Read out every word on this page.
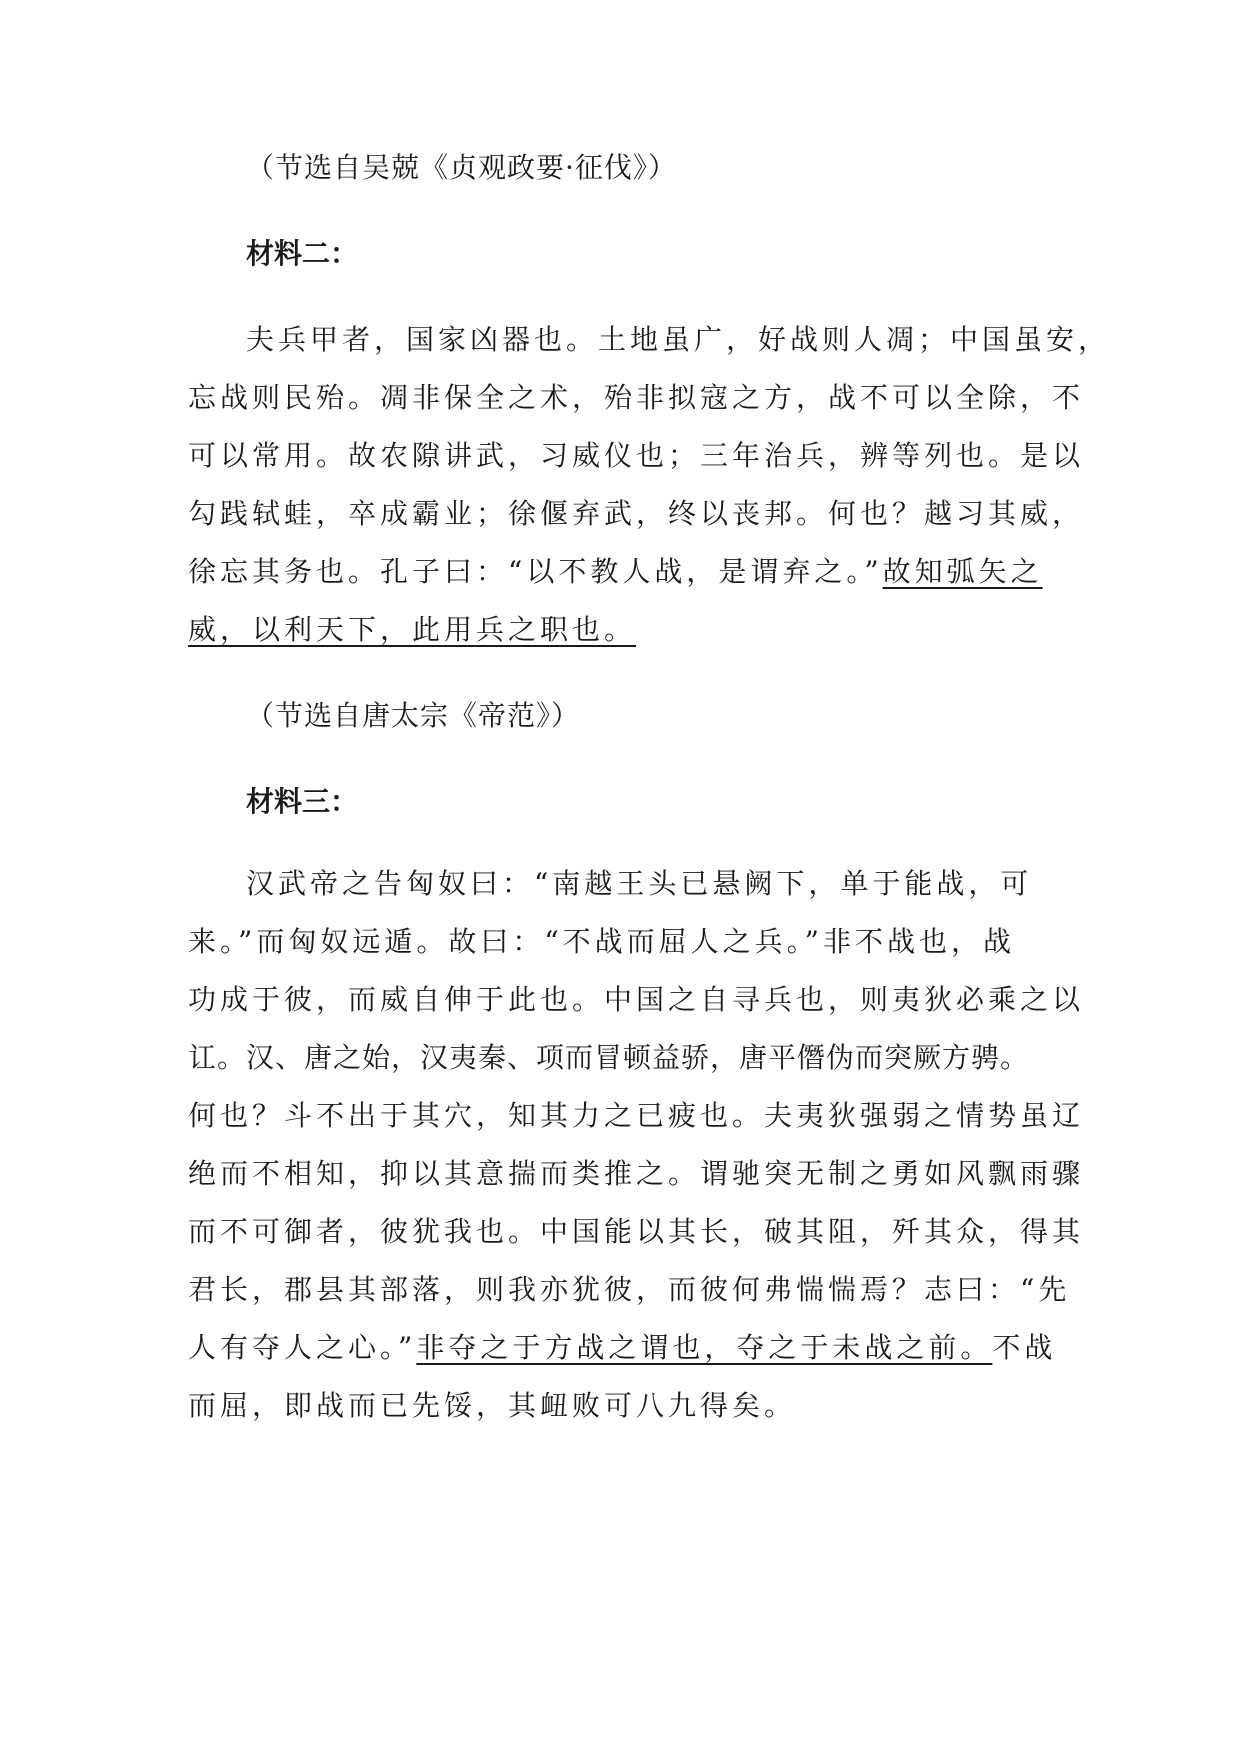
（节选自吴兢《贞观政要·征伐》）
材料二：
夫兵甲者，国家凶器也。土地虽广，好战则人凋；中国虽安，
忘战则民殆。凋非保全之术，殆非拟寇之方，战不可以全除，不
可以常用。故农隙讲武，习威仪也；三年治兵，辨等列也。是以
勾践轼蛙，卒成霸业；徐偃弃武，终以丧邦。何也？越习其威，
徐忘其务也。孔子曰：“以不教人战，是谓弃之。”故知弧矢之
威，以利天下，此用兵之职也。
（节选自唐太宗《帝范》）
材料三：
汉武帝之告匈奴曰：“南越王头已悬阙下，单于能战，可
来。”而匈奴远遁。故曰：“不战而屈人之兵。”非不战也，战
功成于彼，而威自伸于此也。中国之自寻兵也，则夷狄必乘之以
讧。汉、唐之始，汉夷秦、项而冒顿益骄，唐平僭伪而突厥方骋。
何也？斗不出于其穴，知其力之已疲也。夫夷狄强弱之情势虽辽
绝而不相知，抑以其意揣而类推之。谓驰突无制之勇如风飘雨骤
而不可御者，彼犹我也。中国能以其长，破其阻，歼其众，得其
君长，郡县其部落，则我亦犹彼，而彼何弗惴惴焉？志曰：“先
人有夺人之心。”非夺之于方战之谓也，夺之于未战之前。不战
而屈，即战而已先馁，其衄败可八九得矣。
